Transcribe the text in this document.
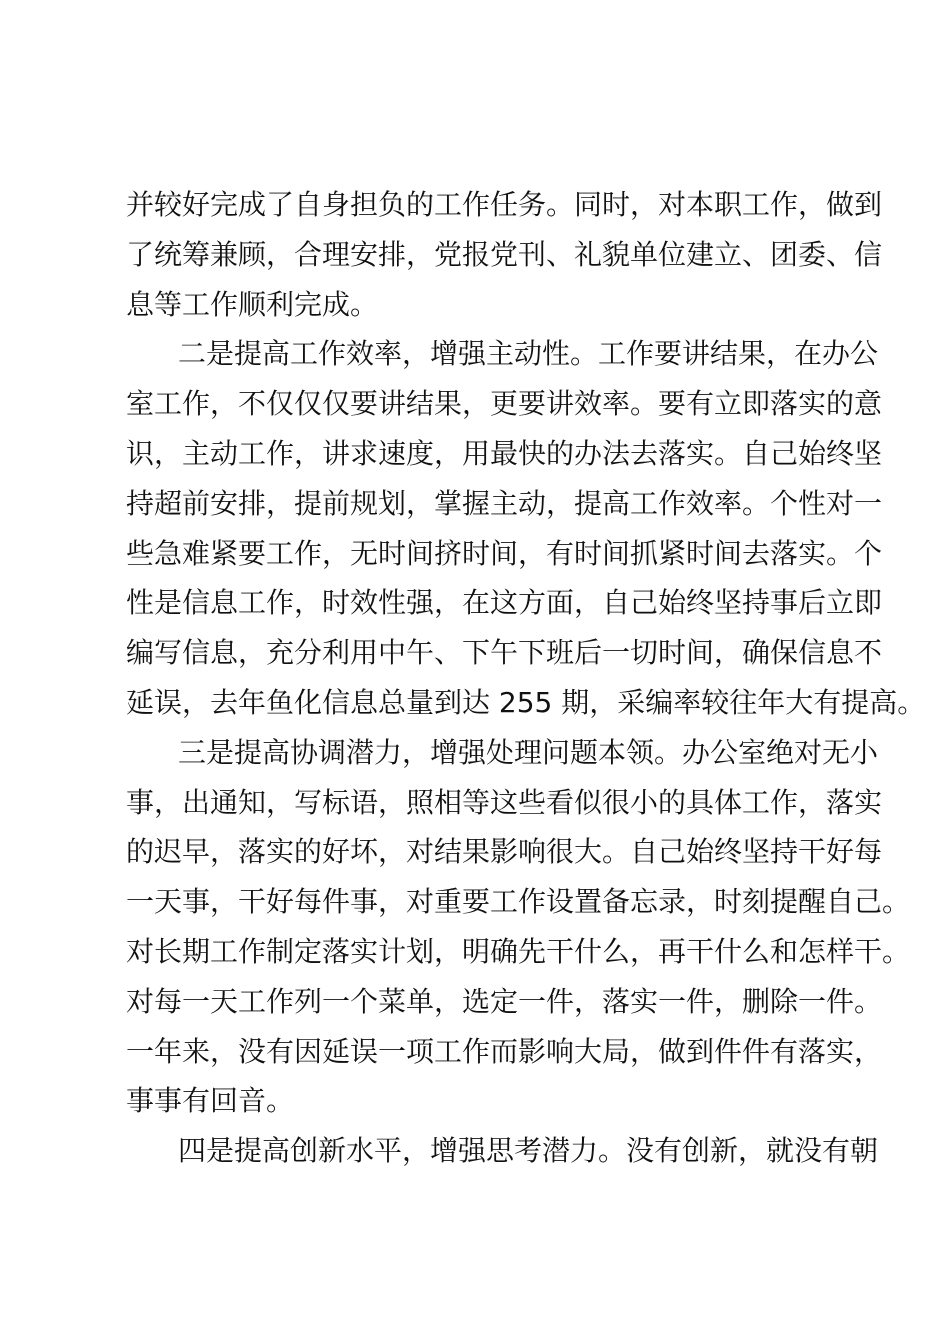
并较好完成了自身担负的工作任务。同时，对本职工作，做到
了统筹兼顾，合理安排，党报党刊、礼貌单位建立、团委、信
息等工作顺利完成。
二是提高工作效率，增强主动性。工作要讲结果，在办公
室工作，不仅仅仅要讲结果，更要讲效率。要有立即落实的意
识，主动工作，讲求速度，用最快的办法去落实。自己始终坚
持超前安排，提前规划，掌握主动，提高工作效率。个性对一
些急难紧要工作，无时间挤时间，有时间抓紧时间去落实。个
性是信息工作，时效性强，在这方面，自己始终坚持事后立即
编写信息，充分利用中午、下午下班后一切时间，确保信息不
延误，去年鱼化信息总量到达 255 期，采编率较往年大有提高。
三是提高协调潜力，增强处理问题本领。办公室绝对无小
事，出通知，写标语，照相等这些看似很小的具体工作，落实
的迟早，落实的好坏，对结果影响很大。自己始终坚持干好每
一天事，干好每件事，对重要工作设置备忘录，时刻提醒自己。
对长期工作制定落实计划，明确先干什么，再干什么和怎样干。
对每一天工作列一个菜单，选定一件，落实一件，删除一件。
一年来，没有因延误一项工作而影响大局，做到件件有落实，
事事有回音。
四是提高创新水平，增强思考潜力。没有创新，就没有朝
